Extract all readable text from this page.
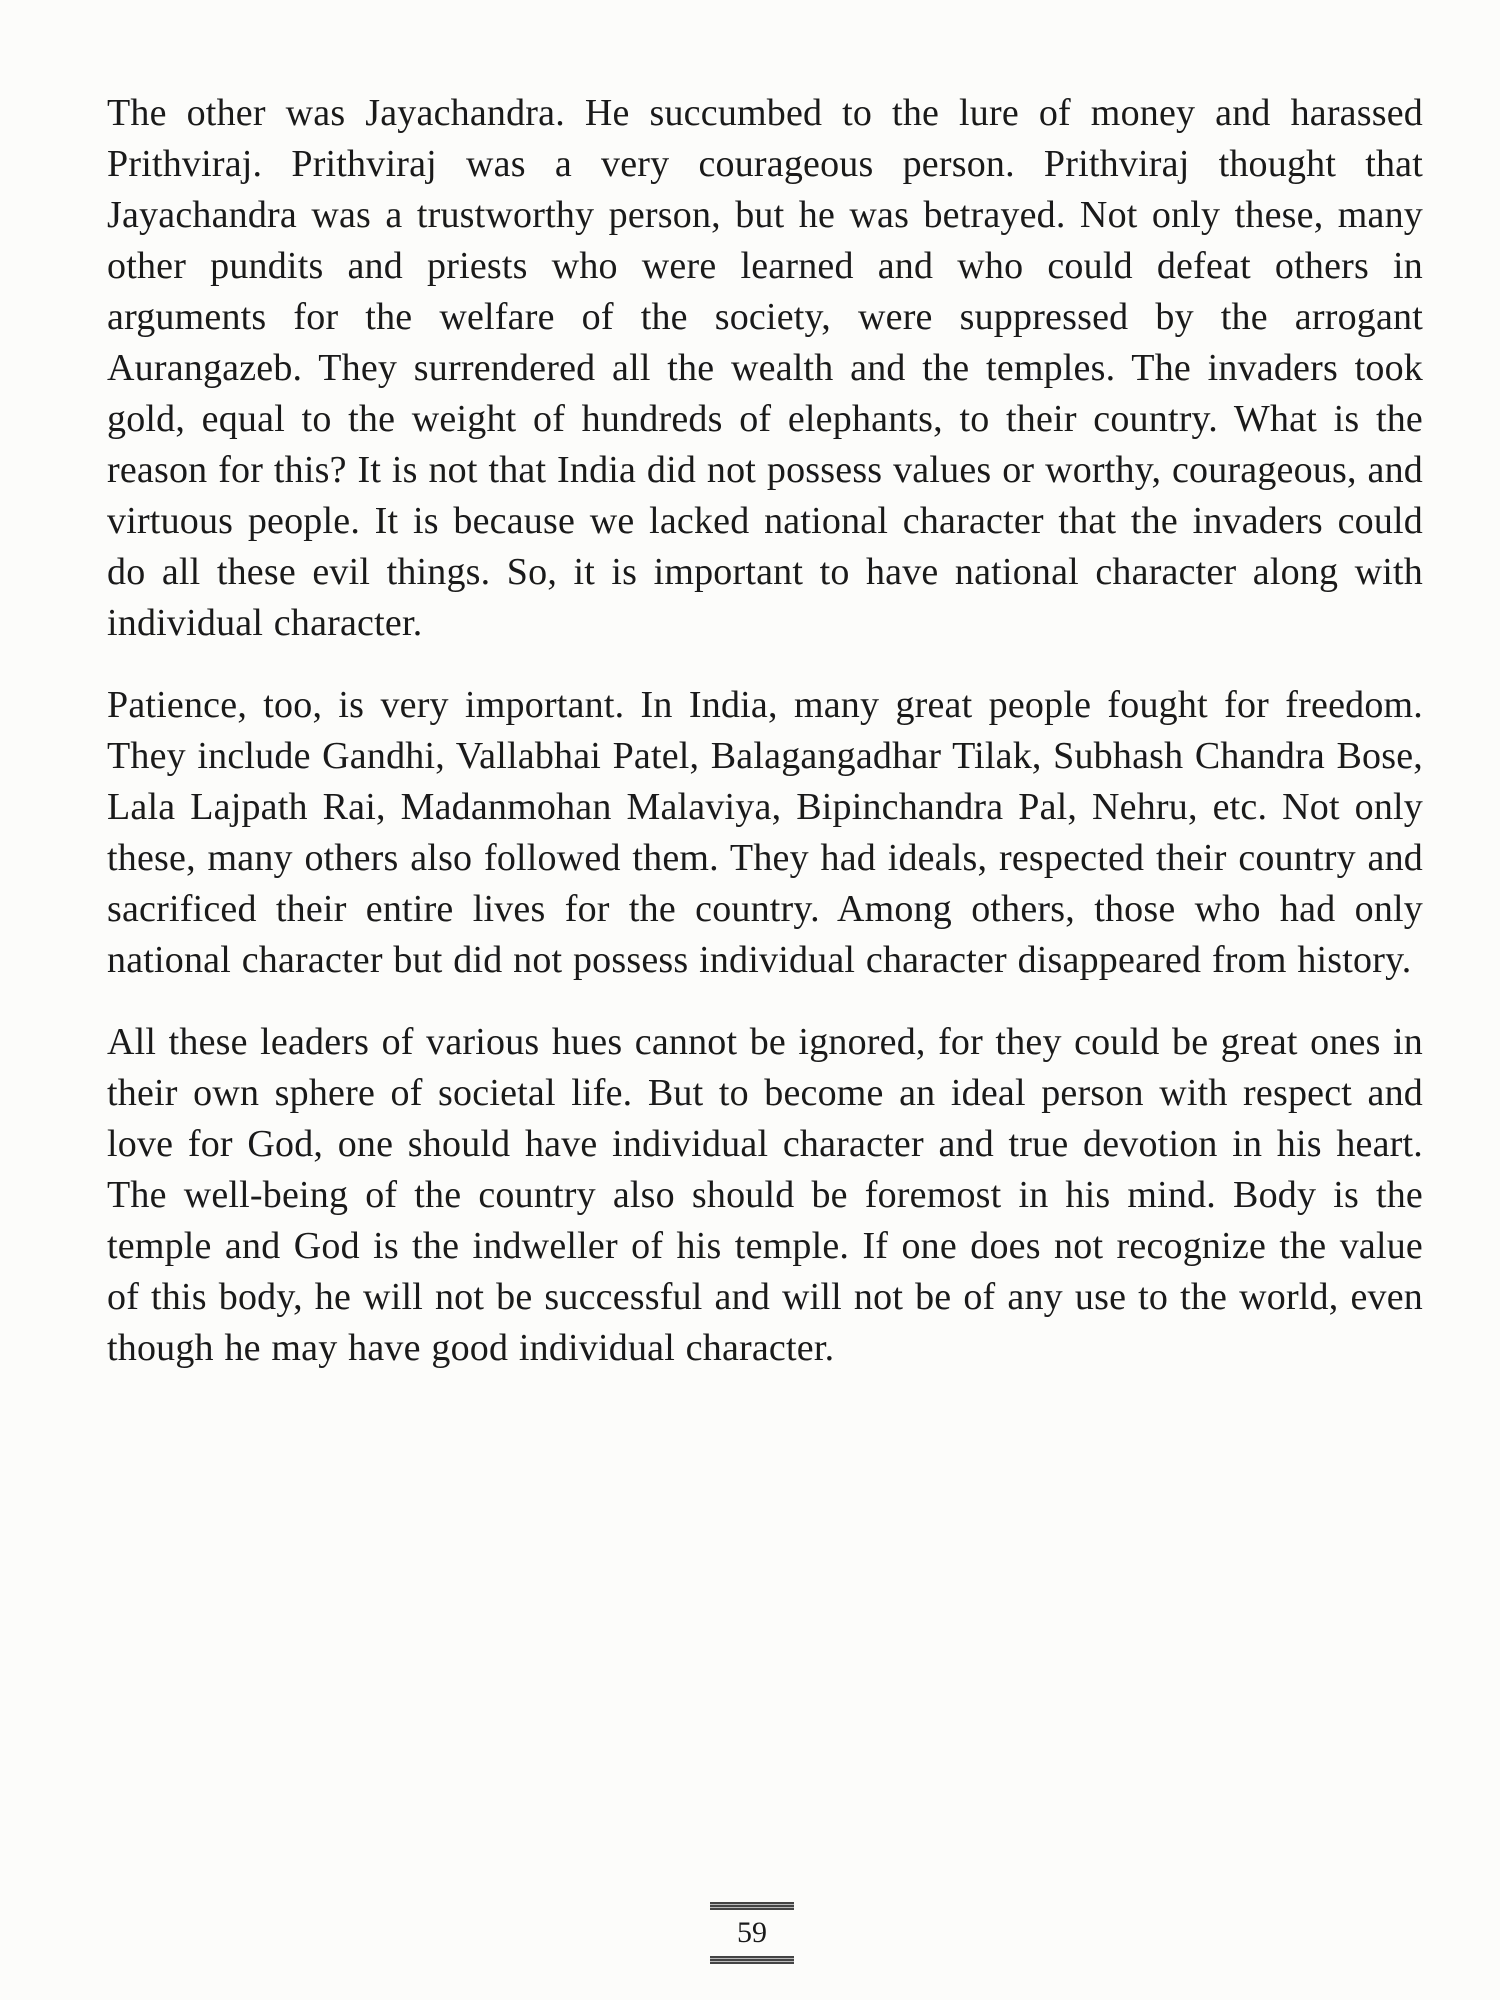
The other was Jayachandra. He succumbed to the lure of money and harassed Prithviraj. Prithviraj was a very courageous person. Prithviraj thought that Jayachandra was a trustworthy person, but he was betrayed. Not only these, many other pundits and priests who were learned and who could defeat others in arguments for the welfare of the society, were suppressed by the arrogant Aurangazeb. They surrendered all the wealth and the temples. The invaders took gold, equal to the weight of hundreds of elephants, to their country. What is the reason for this? It is not that India did not possess values or worthy, courageous, and virtuous people. It is because we lacked national character that the invaders could do all these evil things. So, it is important to have national character along with individual character.

Patience, too, is very important. In India, many great people fought for freedom. They include Gandhi, Vallabhai Patel, Balagangadhar Tilak, Subhash Chandra Bose, Lala Lajpath Rai, Madanmohan Malaviya, Bipinchandra Pal, Nehru, etc. Not only these, many others also followed them. They had ideals, respected their country and sacrificed their entire lives for the country. Among others, those who had only national character but did not possess individual character disappeared from history.

All these leaders of various hues cannot be ignored, for they could be great ones in their own sphere of societal life. But to become an ideal person with respect and love for God, one should have individual character and true devotion in his heart. The well-being of the country also should be foremost in his mind. Body is the temple and God is the indweller of his temple. If one does not recognize the value of this body, he will not be successful and will not be of any use to the world, even though he may have good individual character.

59
